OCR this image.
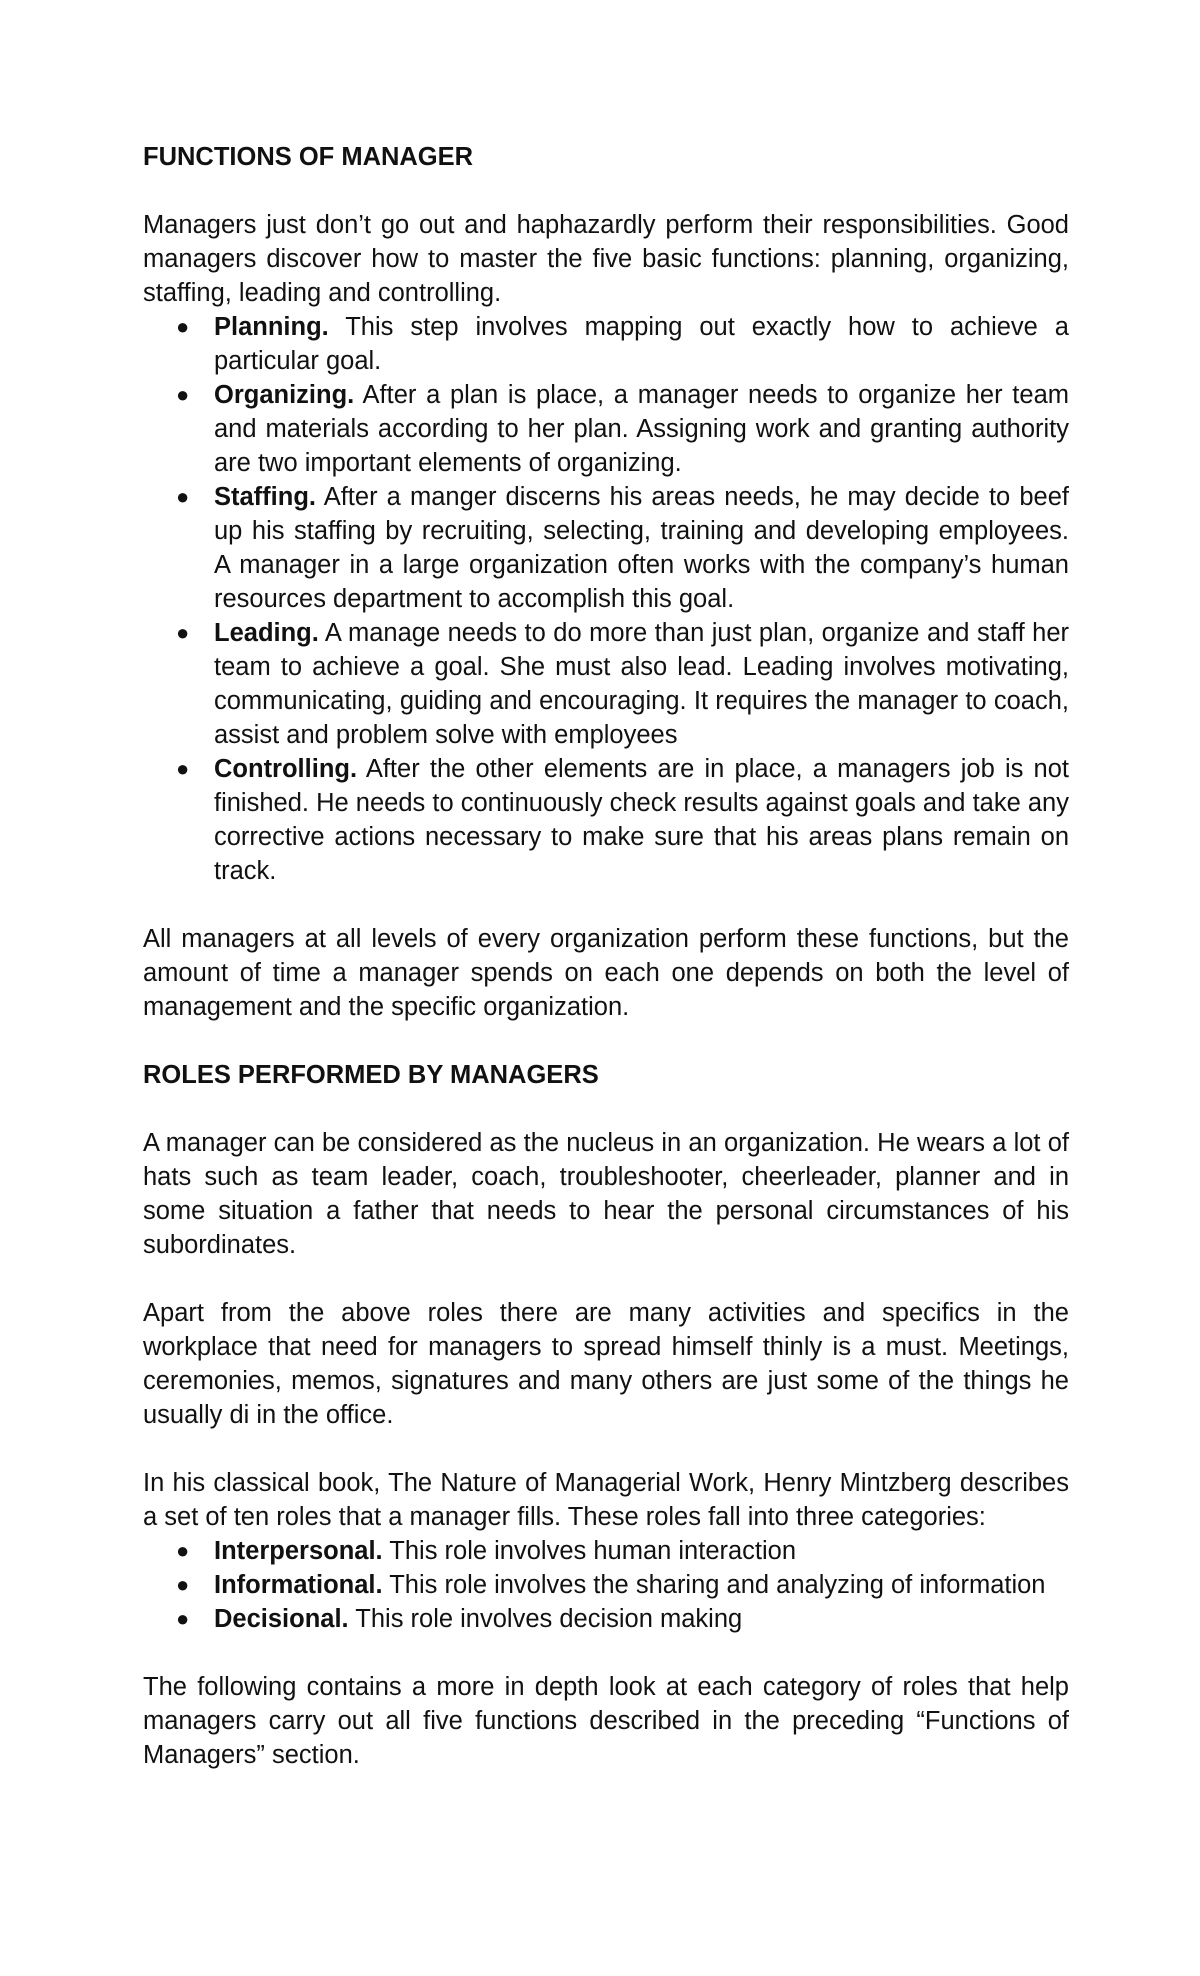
FUNCTIONS OF MANAGER

Managers just don’t go out and haphazardly perform their responsibilities. Good managers discover how to master the five basic functions: planning, organizing, staffing, leading and controlling.

● Planning. This step involves mapping out exactly how to achieve a particular goal.
● Organizing. After a plan is place, a manager needs to organize her team and materials according to her plan. Assigning work and granting authority are two important elements of organizing.
● Staffing. After a manger discerns his areas needs, he may decide to beef up his staffing by recruiting, selecting, training and developing employees. A manager in a large organization often works with the company’s human resources department to accomplish this goal.
● Leading. A manage needs to do more than just plan, organize and staff her team to achieve a goal. She must also lead. Leading involves motivating, communicating, guiding and encouraging. It requires the manager to coach, assist and problem solve with employees
● Controlling. After the other elements are in place, a managers job is not finished. He needs to continuously check results against goals and take any corrective actions necessary to make sure that his areas plans remain on track.

All managers at all levels of every organization perform these functions, but the amount of time a manager spends on each one depends on both the level of management and the specific organization.

ROLES PERFORMED BY MANAGERS

A manager can be considered as the nucleus in an organization. He wears a lot of hats such as team leader, coach, troubleshooter, cheerleader, planner and in some situation a father that needs to hear the personal circumstances of his subordinates.

Apart from the above roles there are many activities and specifics in the workplace that need for managers to spread himself thinly is a must. Meetings, ceremonies, memos, signatures and many others are just some of the things he usually di in the office.

In his classical book, The Nature of Managerial Work, Henry Mintzberg describes a set of ten roles that a manager fills. These roles fall into three categories:

● Interpersonal. This role involves human interaction
● Informational. This role involves the sharing and analyzing of information
● Decisional. This role involves decision making

The following contains a more in depth look at each category of roles that help managers carry out all five functions described in the preceding “Functions of Managers” section.
